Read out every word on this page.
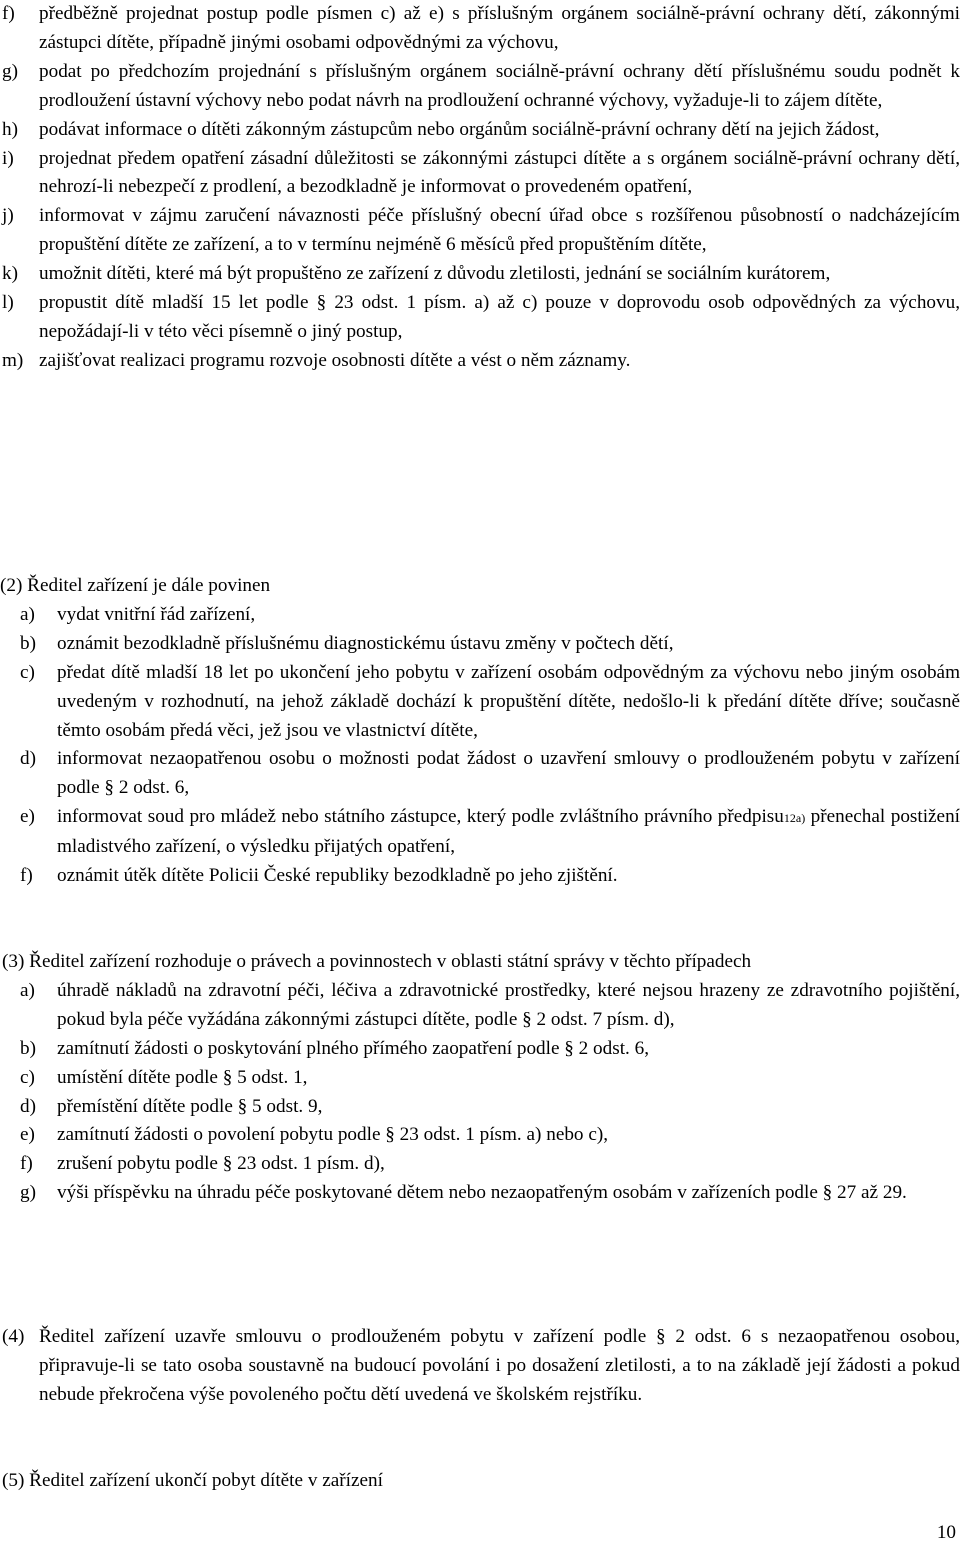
f)	předběžně projednat postup podle písmen c) až e) s příslušným orgánem sociálně-právní ochrany dětí, zákonnými zástupci dítěte, případně jinými osobami odpovědnými za výchovu,
g)	podat po předchozím projednání s příslušným orgánem sociálně-právní ochrany dětí příslušnému soudu podnět k prodloužení ústavní výchovy nebo podat návrh na prodloužení ochranné výchovy, vyžaduje-li to zájem dítěte,
h)	podávat informace o dítěti zákonným zástupcům nebo orgánům sociálně-právní ochrany dětí na jejich žádost,
i)	projednat předem opatření zásadní důležitosti se zákonnými zástupci dítěte a s orgánem sociálně-právní ochrany dětí, nehrozí-li nebezpečí z prodlení, a bezodkladně je informovat o provedeném opatření,
j)	informovat v zájmu zaručení návaznosti péče příslušný obecní úřad obce s rozšířenou působností o nadcházejícím propuštění dítěte ze zařízení, a to v termínu nejméně 6 měsíců před propuštěním dítěte,
k)	umožnit dítěti, které má být propuštěno ze zařízení z důvodu zletilosti, jednání se sociálním kurátorem,
l)	propustit dítě mladší 15 let podle § 23 odst. 1 písm. a) až c) pouze v doprovodu osob odpovědných za výchovu, nepožádají-li v této věci písemně o jiný postup,
m) zajišťovat realizaci programu rozvoje osobnosti dítěte a vést o něm záznamy.
(2) Ředitel zařízení je dále povinen
a)	vydat vnitřní řád zařízení,
b)	oznámit bezodkladně příslušnému diagnostickému ústavu změny v počtech dětí,
c)	předat dítě mladší 18 let po ukončení jeho pobytu v zařízení osobám odpovědným za výchovu nebo jiným osobám uvedeným v rozhodnutí, na jehož základě dochází k propuštění dítěte, nedošlo-li k předání dítěte dříve; současně těmto osobám předá věci, jež jsou ve vlastnictví dítěte,
d)	informovat nezaopatřenou osobu o možnosti podat žádost o uzavření smlouvy o prodlouženém pobytu v zařízení podle § 2 odst. 6,
e)	informovat soud pro mládež nebo státního zástupce, který podle zvláštního právního předpisu12a) přenechal postižení mladistvého zařízení, o výsledku přijatých opatření,
f)	oznámit útěk dítěte Policii České republiky bezodkladně po jeho zjištění.
(3) Ředitel zařízení rozhoduje o právech a povinnostech v oblasti státní správy v těchto případech
a)	úhradě nákladů na zdravotní péči, léčiva a zdravotnické prostředky, které nejsou hrazeny ze zdravotního pojištění, pokud byla péče vyžádána zákonnými zástupci dítěte, podle § 2 odst. 7 písm. d),
b)	zamítnutí žádosti o poskytování plného přímého zaopatření podle § 2 odst. 6,
c)	umístění dítěte podle § 5 odst. 1,
d)	přemístění dítěte podle § 5 odst. 9,
e)	zamítnutí žádosti o povolení pobytu podle § 23 odst. 1 písm. a) nebo c),
f)	zrušení pobytu podle § 23 odst. 1 písm. d),
g)	výši příspěvku na úhradu péče poskytované dětem nebo nezaopatřeným osobám v zařízeních podle § 27 až 29.
(4) Ředitel zařízení uzavře smlouvu o prodlouženém pobytu v zařízení podle § 2 odst. 6 s nezaopatřenou osobou, připravuje-li se tato osoba soustavně na budoucí povolání i po dosažení zletilosti, a to na základě její žádosti a pokud nebude překročena výše povoleného počtu dětí uvedená ve školském rejstříku.
(5) Ředitel zařízení ukončí pobyt dítěte v zařízení
10
